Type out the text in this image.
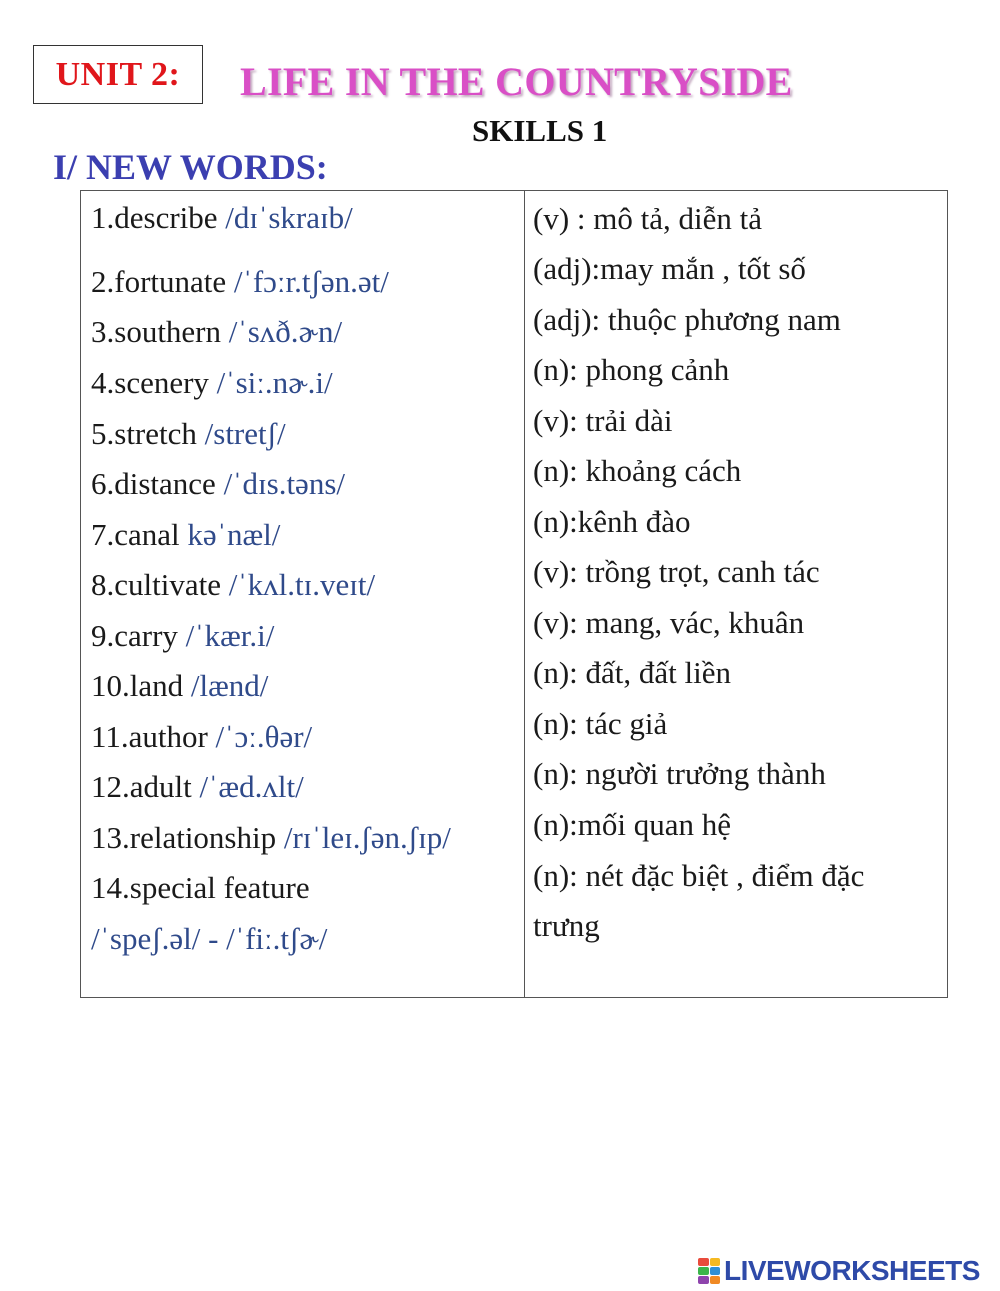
UNIT 2: LIFE IN THE COUNTRYSIDE
SKILLS 1
I/ NEW WORDS:
1.describe /dɪˈskraɪb/
2.fortunate /ˈfɔːr.tʃən.ət/
3.southern /ˈsʌð.ɚn/
4.scenery /ˈsiː.nɚ.i/
5.stretch /stretʃ/
6.distance /ˈdɪs.təns/
7.canal kəˈnæl/
8.cultivate /ˈkʌl.tɪ.veɪt/
9.carry /ˈkær.i/
10.land /lænd/
11.author /ˈɔː.θər/
12.adult /ˈæd.ʌlt/
13.relationship /rɪˈleɪ.ʃən.ʃɪp/
14.special feature
/ˈspeʃ.əl/ - /ˈfiː.tʃɚ/
(v) : mô tả, diễn tả
(adj):may mắn , tốt số
(adj): thuộc phương nam
(n): phong cảnh
(v): trải dài
(n): khoảng cách
(n):kênh đào
(v): trồng trọt, canh tác
(v): mang, vác, khuân
(n): đất, đất liền
(n): tác giả
(n): người trưởng thành
(n):mối quan hệ
(n): nét đặc biệt , điểm đặc
trưng
LIVEWORKSHEETS
